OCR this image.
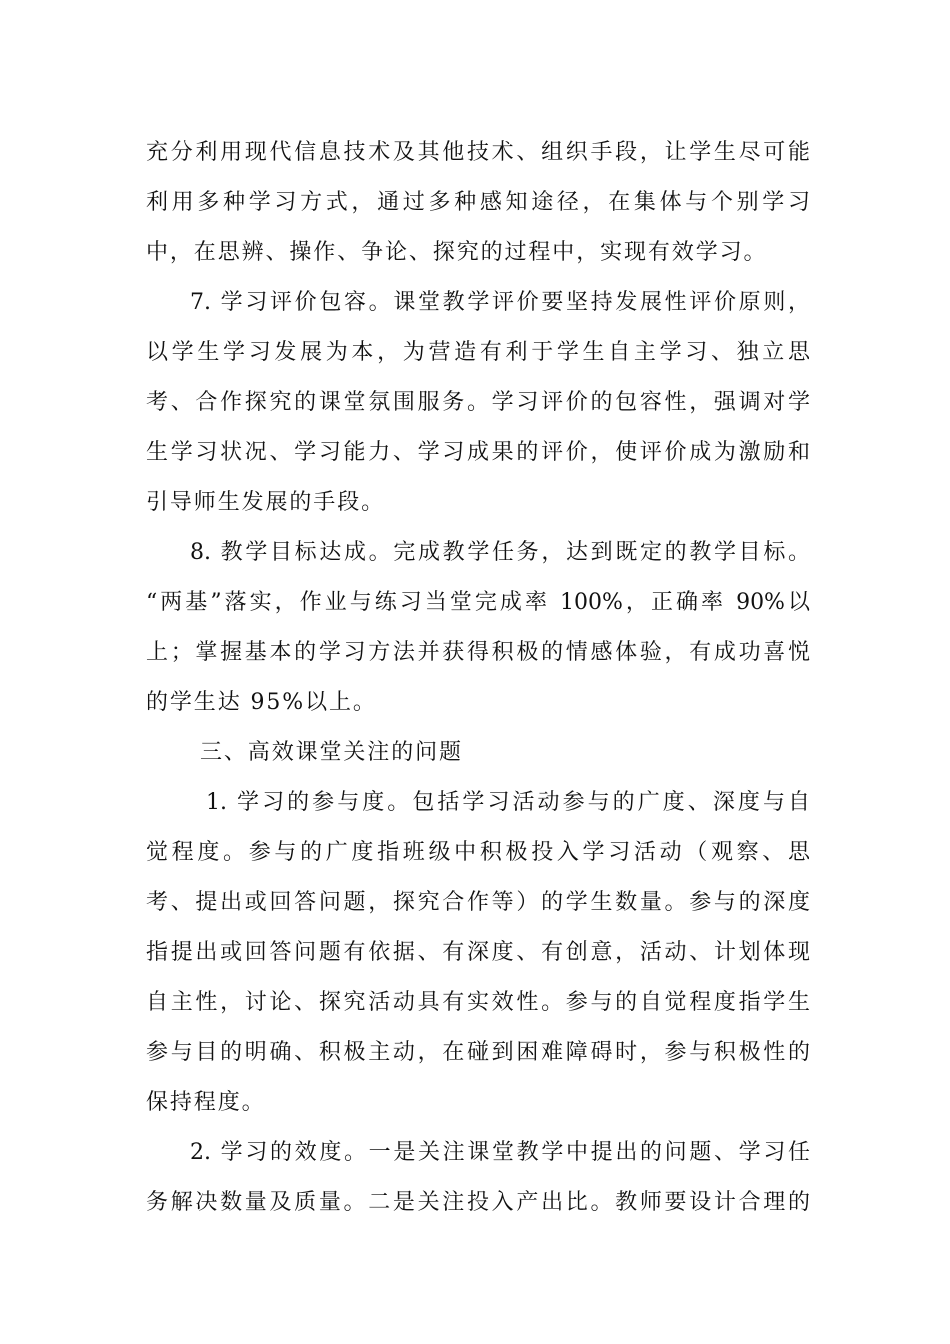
充分利用现代信息技术及其他技术、组织手段，让学生尽可能
利用多种学习方式，通过多种感知途径，在集体与个别学习
中，在思辨、操作、争论、探究的过程中，实现有效学习。
7. 学习评价包容。课堂教学评价要坚持发展性评价原则，
以学生学习发展为本，为营造有利于学生自主学习、独立思
考、合作探究的课堂氛围服务。学习评价的包容性，强调对学
生学习状况、学习能力、学习成果的评价，使评价成为激励和
引导师生发展的手段。
8. 教学目标达成。完成教学任务，达到既定的教学目标。
“两基”落实，作业与练习当堂完成率 100%，正确率 90%以
上；掌握基本的学习方法并获得积极的情感体验，有成功喜悦
的学生达 95%以上。
三、高效课堂关注的问题
1. 学习的参与度。包括学习活动参与的广度、深度与自
觉程度。参与的广度指班级中积极投入学习活动（观察、思
考、提出或回答问题，探究合作等）的学生数量。参与的深度
指提出或回答问题有依据、有深度、有创意，活动、计划体现
自主性，讨论、探究活动具有实效性。参与的自觉程度指学生
参与目的明确、积极主动，在碰到困难障碍时，参与积极性的
保持程度。
2. 学习的效度。一是关注课堂教学中提出的问题、学习任
务解决数量及质量。二是关注投入产出比。教师要设计合理的
